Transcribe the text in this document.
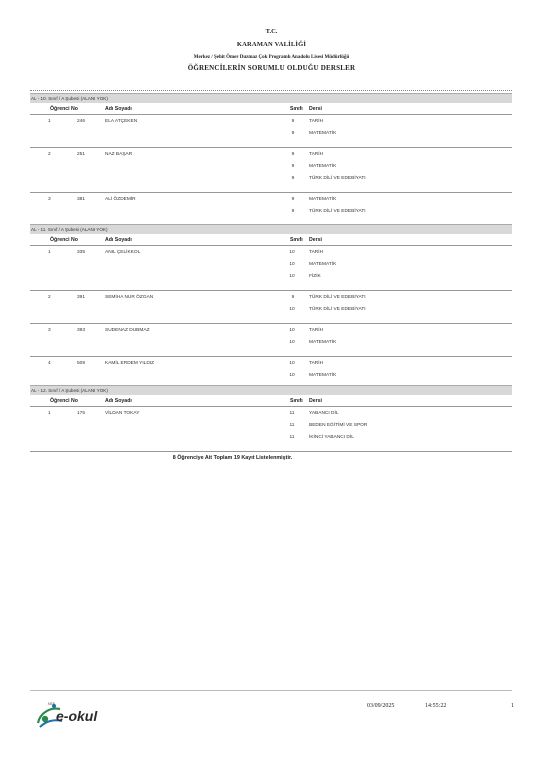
T.C.
KARAMAN VALİLİĞİ
Merkez / Şehit Ömer Duzmaz Çok Programlı Anadolu Lisesi Müdürlüğü
ÖĞRENCİLERİN SORUMLU OLDUĞU DERSLER
AL - 10. Sınıf / A Şubesi (ALANI YOK)
Öğrenci No	Adı Soyadı	Sınıfı Dersi
1	246	ELA ATÇEKEN	9	TARİH
9	MATEMATİK
2	251	NAZ BAŞAR	9	TARİH
9	MATEMATİK
9	TÜRK DİLİ VE EDEBİYATI
3	381	ALİ ÖZDEMİR	9	MATEMATİK
9	TÜRK DİLİ VE EDEBİYATI
AL - 11. Sınıf / A Şubesi (ALANI YOK)
Öğrenci No	Adı Soyadı	Sınıfı Dersi
1	335	ANIL ÇELİKKOL	10	TARİH
10	MATEMATİK
10	FİZİK
2	391	SEMİHA NUR ÖZGAN	9	TÜRK DİLİ VE EDEBİYATI
10	TÜRK DİLİ VE EDEBİYATI
3	393	SUDENAZ DUBMAZ	10	TARİH
10	MATEMATİK
4	509	KAMİL ERDEM YILDIZ	10	TARİH
10	MATEMATİK
AL - 12. Sınıf / A Şubesi (ALANI YOK)
Öğrenci No	Adı Soyadı	Sınıfı Dersi
1	175	VİLDAN TOKAY	11	YABANCI DİL
11	BEDEN EĞİTİMİ VE SPOR
11	İKİNCİ YABANCI DİL
8 Öğrenciye Ait Toplam 19 Kayıt Listelenmiştir.
MEB
e-okul
03/09/2025	14:55:22	1
